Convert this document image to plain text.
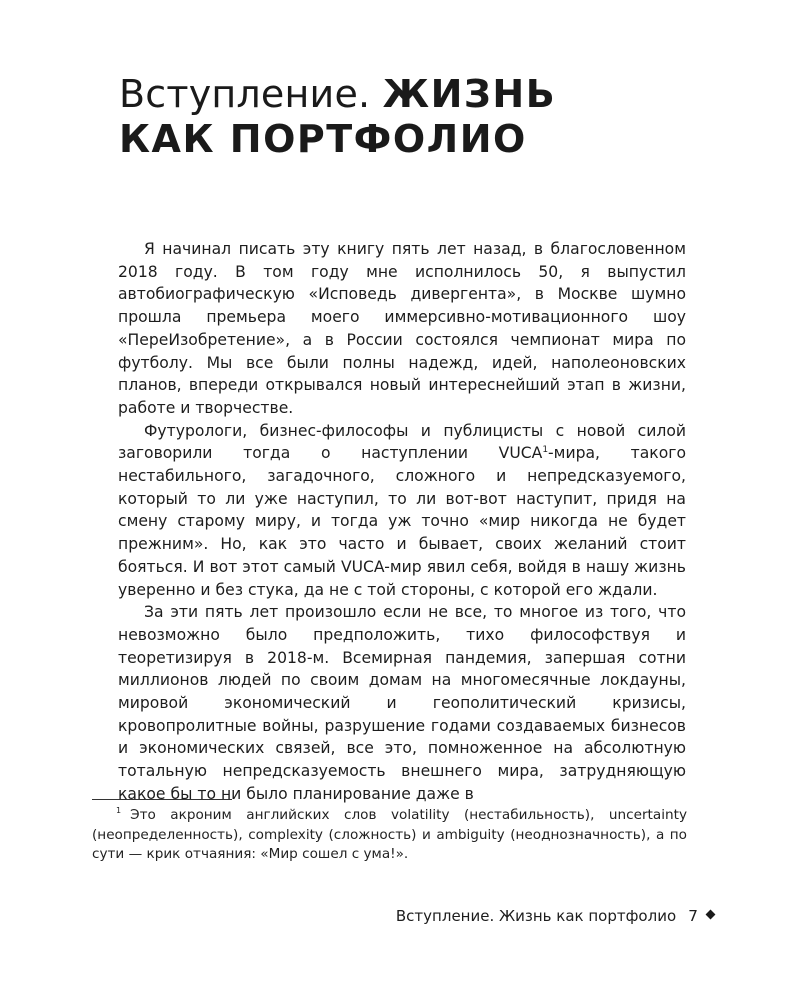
Вступление. ЖИЗНЬ
КАК ПОРТФОЛИО

Я начинал писать эту книгу пять лет назад, в благословенном 2018 году. В том году мне исполнилось 50, я выпустил автобиографическую «Исповедь дивергента», в Москве шумно прошла премьера моего иммерсивно-мотивационного шоу «ПереИзобретение», а в России состоялся чемпионат мира по футболу. Мы все были полны надежд, идей, наполеоновских планов, впереди открывался новый интереснейший этап в жизни, работе и творчестве.

Футурологи, бизнес-философы и публицисты с новой силой заговорили тогда о наступлении VUCA$^1$-мира, такого нестабильного, загадочного, сложного и непредсказуемого, который то ли уже наступил, то ли вот-вот наступит, придя на смену старому миру, и тогда уж точно «мир никогда не будет прежним». Но, как это часто и бывает, своих желаний стоит бояться. И вот этот самый VUCA-мир явил себя, войдя в нашу жизнь уверенно и без стука, да не с той стороны, с которой его ждали.

За эти пять лет произошло если не все, то многое из того, что невозможно было предположить, тихо философствуя и теоретизируя в 2018-м. Всемирная пандемия, запершая сотни миллионов людей по своим домам на многомесячные локдауны, мировой экономический и геополитический кризисы, кровопролитные войны, разрушение годами создаваемых бизнесов и экономических связей, все это, помноженное на абсолютную тотальную непредсказуемость внешнего мира, затрудняющую какое бы то ни было планирование даже в

$^1$ Это акроним английских слов volatility (нестабильность), uncertainty (неопределенность), complexity (сложность) и ambiguity (неоднозначность), а по сути — крик отчаяния: «Мир сошел с ума!».

Вступление. Жизнь как портфолио 7
